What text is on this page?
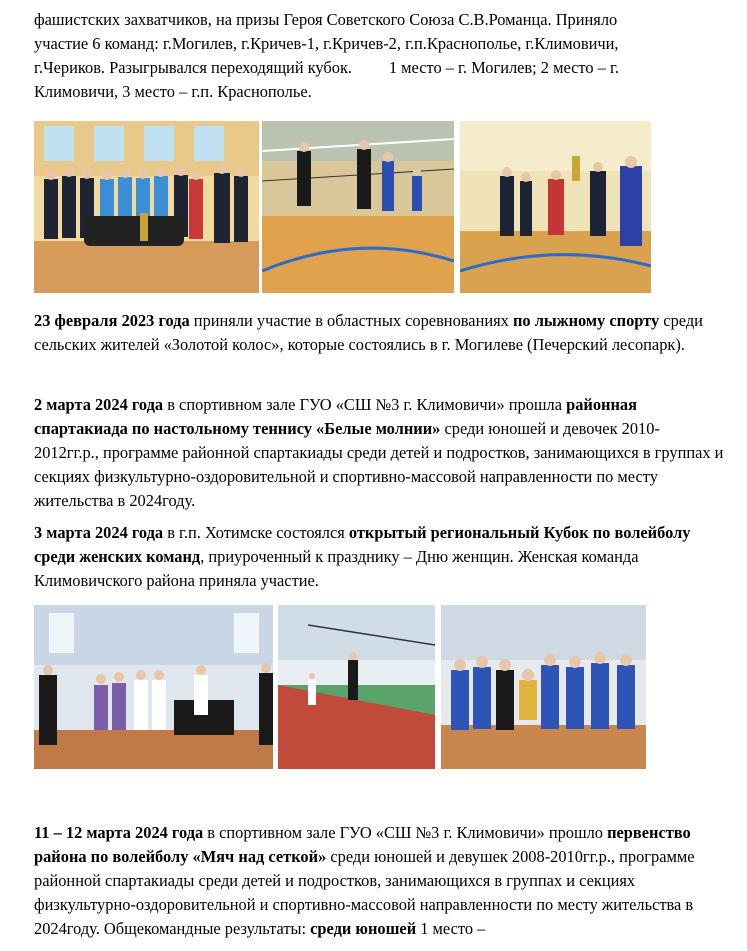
фашистских захватчиков, на призы Героя Советского Союза С.В.Романца. Приняло
участие 6 команд: г.Могилев, г.Кричев-1, г.Кричев-2, г.п.Краснополье, г.Климовичи,
г.Чериков. Разыгрывался переходящий кубок.         1 место – г. Могилев; 2 место – г.
Климовичи, 3 место – г.п. Краснополье.

23 февраля 2023 года приняли участие в областных соревнованиях по лыжному спорту среди сельских жителей «Золотой колос», которые состоялись в г. Могилеве (Печерский лесопарк).

2 марта 2024 года в спортивном зале ГУО «СШ №3 г. Климовичи» прошла районная спартакиада по настольному теннису «Белые молнии» среди юношей и девочек 2010-2012гг.р., программе районной спартакиады среди детей и подростков, занимающихся в группах и секциях физкультурно-оздоровительной и спортивно-массовой направленности по месту жительства в 2024году.

3 марта 2024 года в г.п. Хотимске состоялся открытый региональный Кубок по волейболу среди женских команд, приуроченный к празднику – Дню женщин. Женская команда Климовичского района приняла участие.

11 – 12 марта 2024 года в спортивном зале ГУО «СШ №3 г. Климовичи» прошло первенство района по волейболу «Мяч над сеткой» среди юношей и девушек 2008-2010гг.р., программе районной спартакиады среди детей и подростков, занимающихся в группах и секциях физкультурно-оздоровительной и спортивно-массовой направленности по месту жительства в 2024году. Общекомандные результаты: среди юношей 1 место –
